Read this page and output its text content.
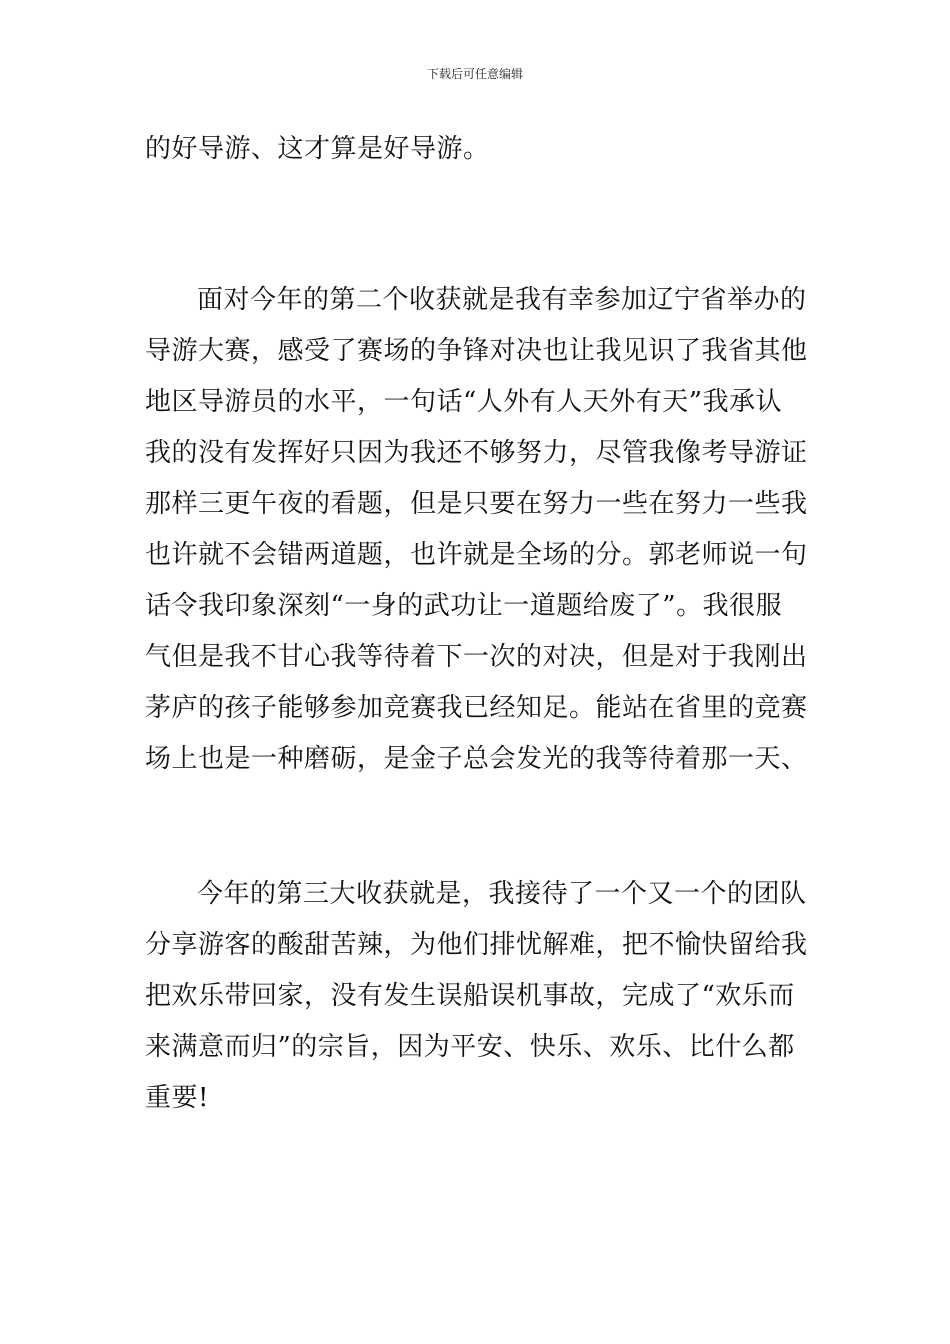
下载后可任意编辑

的好导游、这才算是好导游。

面对今年的第二个收获就是我有幸参加辽宁省举办的
导游大赛，感受了赛场的争锋对决也让我见识了我省其他
地区导游员的水平，一句话“人外有人天外有天”我承认
我的没有发挥好只因为我还不够努力，尽管我像考导游证
那样三更午夜的看题，但是只要在努力一些在努力一些我
也许就不会错两道题，也许就是全场的分。郭老师说一句
话令我印象深刻“一身的武功让一道题给废了”。我很服
气但是我不甘心我等待着下一次的对决，但是对于我刚出
茅庐的孩子能够参加竞赛我已经知足。能站在省里的竞赛
场上也是一种磨砺，是金子总会发光的我等待着那一天、

今年的第三大收获就是，我接待了一个又一个的团队
分享游客的酸甜苦辣，为他们排忧解难，把不愉快留给我
把欢乐带回家，没有发生误船误机事故，完成了“欢乐而
来满意而归”的宗旨，因为平安、快乐、欢乐、比什么都
重要!
